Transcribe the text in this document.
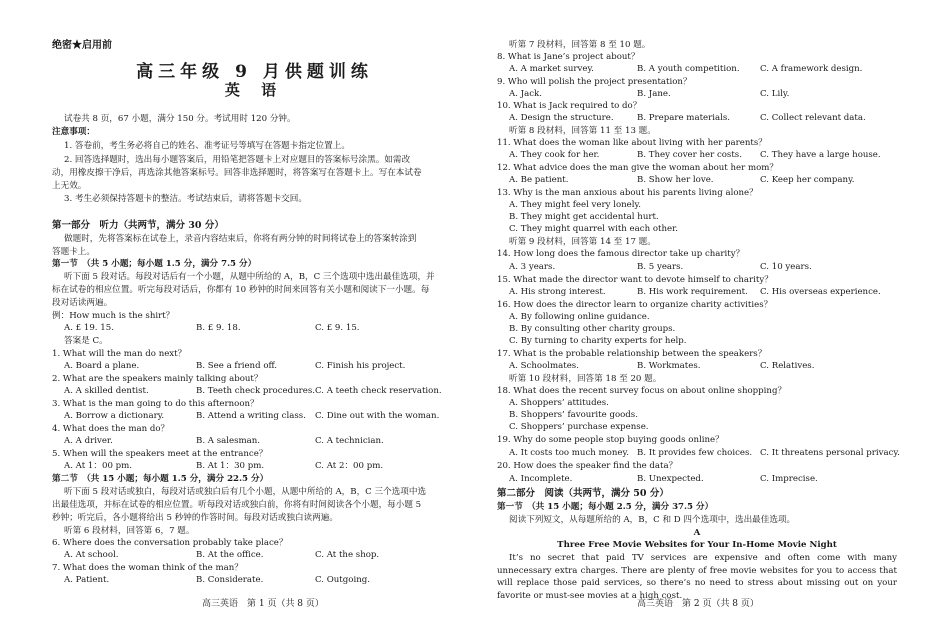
绝密★启用前
高三年级 9 月供题训练
英 语
试卷共 8 页，67 小题，满分 150 分。考试用时 120 分钟。
注意事项：
1. 答卷前，考生务必将自己的姓名、准考证号等填写在答题卡指定位置上。
2. 回答选择题时，选出每小题答案后，用铅笔把答题卡上对应题目的答案标号涂黑。如需改
动，用橡皮擦干净后，再选涂其他答案标号。回答非选择题时，将答案写在答题卡上。写在本试卷
上无效。
3. 考生必须保持答题卡的整洁。考试结束后，请将答题卡交回。
第一部分　听力（共两节，满分 30 分）
做题时，先将答案标在试卷上，录音内容结束后，你将有两分钟的时间将试卷上的答案转涂到
答题卡上。
第一节　（共 5 小题；每小题 1.5 分，满分 7.5 分）
听下面 5 段对话。每段对话后有一个小题，从题中所给的 A，B，C 三个选项中选出最佳选项，并
标在试卷的相应位置。听完每段对话后，你都有 10 秒钟的时间来回答有关小题和阅读下一小题。每
段对话读两遍。
例：How much is the shirt？
A. £ 19. 15.	B. £ 9. 18.	C. £ 9. 15.
答案是 C。
1. What will the man do next？
A. Board a plane.	B. See a friend off.	C. Finish his project.
2. What are the speakers mainly talking about？
A. A skilled dentist.	B. Teeth check procedures. C. A teeth check reservation.
3. What is the man going to do this afternoon？
A. Borrow a dictionary.	B. Attend a writing class. C. Dine out with the woman.
4. What does the man do？
A. A driver.	B. A salesman.	C. A technician.
5. When will the speakers meet at the entrance？
A. At 1：00 pm.	B. At 1：30 pm.	C. At 2：00 pm.
第二节　（共 15 小题；每小题 1.5 分，满分 22.5 分）
听下面 5 段对话或独白，每段对话或独白后有几个小题，从题中所给的 A，B，C 三个选项中选
出最佳选项，并标在试卷的相应位置。听每段对话或独白前，你将有时间阅读各个小题，每小题 5
秒钟；听完后，各小题将给出 5 秒钟的作答时间。每段对话或独白读两遍。
听第 6 段材料，回答第 6，7 题。
6. Where does the conversation probably take place？
A. At school.	B. At the office.	C. At the shop.
7. What does the woman think of the man？
A. Patient.	B. Considerate.	C. Outgoing.
高三英语　第 1 页（共 8 页）
听第 7 段材料，回答第 8 至 10 题。
8. What is Jane’s project about？
A. A market survey.	B. A youth competition. C. A framework design.
9. Who will polish the project presentation？
A. Jack.	B. Jane.	C. Lily.
10. What is Jack required to do？
A. Design the structure.	B. Prepare materials.	C. Collect relevant data.
听第 8 段材料，回答第 11 至 13 题。
11. What does the woman like about living with her parents？
A. They cook for her.	B. They cover her costs. C. They have a large house.
12. What advice does the man give the woman about her mom？
A. Be patient.	B. Show her love.	C. Keep her company.
13. Why is the man anxious about his parents living alone？
A. They might feel very lonely.
B. They might get accidental hurt.
C. They might quarrel with each other.
听第 9 段材料，回答第 14 至 17 题。
14. How long does the famous director take up charity？
A. 3 years.	B. 5 years.	C. 10 years.
15. What made the director want to devote himself to charity？
A. His strong interest.	B. His work requirement. C. His overseas experience.
16. How does the director learn to organize charity activities？
A. By following online guidance.
B. By consulting other charity groups.
C. By turning to charity experts for help.
17. What is the probable relationship between the speakers？
A. Schoolmates.	B. Workmates.	C. Relatives.
听第 10 段材料，回答第 18 至 20 题。
18. What does the recent survey focus on about online shopping？
A. Shoppers’ attitudes.
B. Shoppers’ favourite goods.
C. Shoppers’ purchase expense.
19. Why do some people stop buying goods online？
A. It costs too much money. B. It provides few choices. C. It threatens personal privacy.
20. How does the speaker find the data？
A. Incomplete.	B. Unexpected.	C. Imprecise.
第二部分　阅读（共两节，满分 50 分）
第一节　（共 15 小题；每小题 2.5 分，满分 37.5 分）
阅读下列短文，从每题所给的 A，B，C 和 D 四个选项中，选出最佳选项。
A
Three Free Movie Websites for Your In-Home Movie Night
It’s no secret that paid TV services are expensive and often come with many unnecessary extra charges. There are plenty of free movie websites for you to access that will replace those paid services, so there’s no need to stress about missing out on your favorite or must-see movies at a high cost.
高三英语　第 2 页（共 8 页）
